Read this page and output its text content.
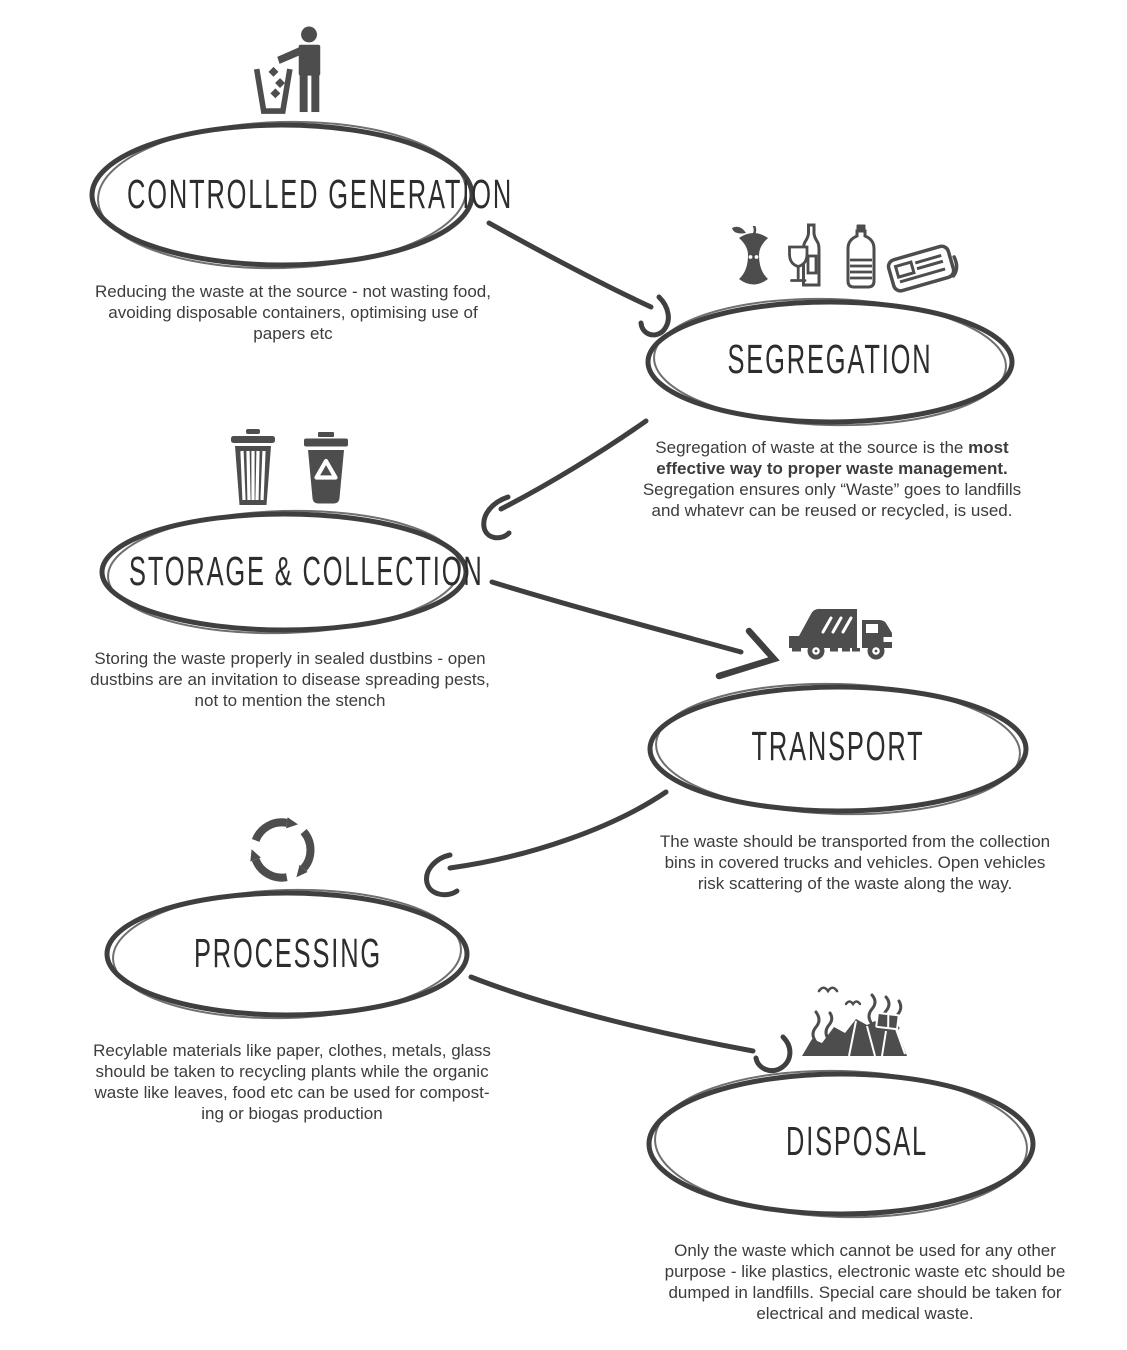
CONTROLLED GENERATION
SEGREGATION
STORAGE & COLLECTION
TRANSPORT
PROCESSING
DISPOSAL
Reducing the waste at the source - not wasting food,
avoiding disposable containers, optimising use of
papers etc
Segregation of waste at the source is the most
effective way to proper waste management.
Segregation ensures only “Waste” goes to landfills
and whatevr can be reused or recycled, is used.
Storing the waste properly in sealed dustbins - open
dustbins are an invitation to disease spreading pests,
not to mention the stench
The waste should be transported from the collection
bins in covered trucks and vehicles. Open vehicles
risk scattering of the waste along the way.
Recylable materials like paper, clothes, metals, glass
should be taken to recycling plants while the organic
waste like leaves, food etc can be used for compost-
ing or biogas production
Only the waste which cannot be used for any other
purpose - like plastics, electronic waste etc should be
dumped in landfills. Special care should be taken for
electrical and medical waste.
